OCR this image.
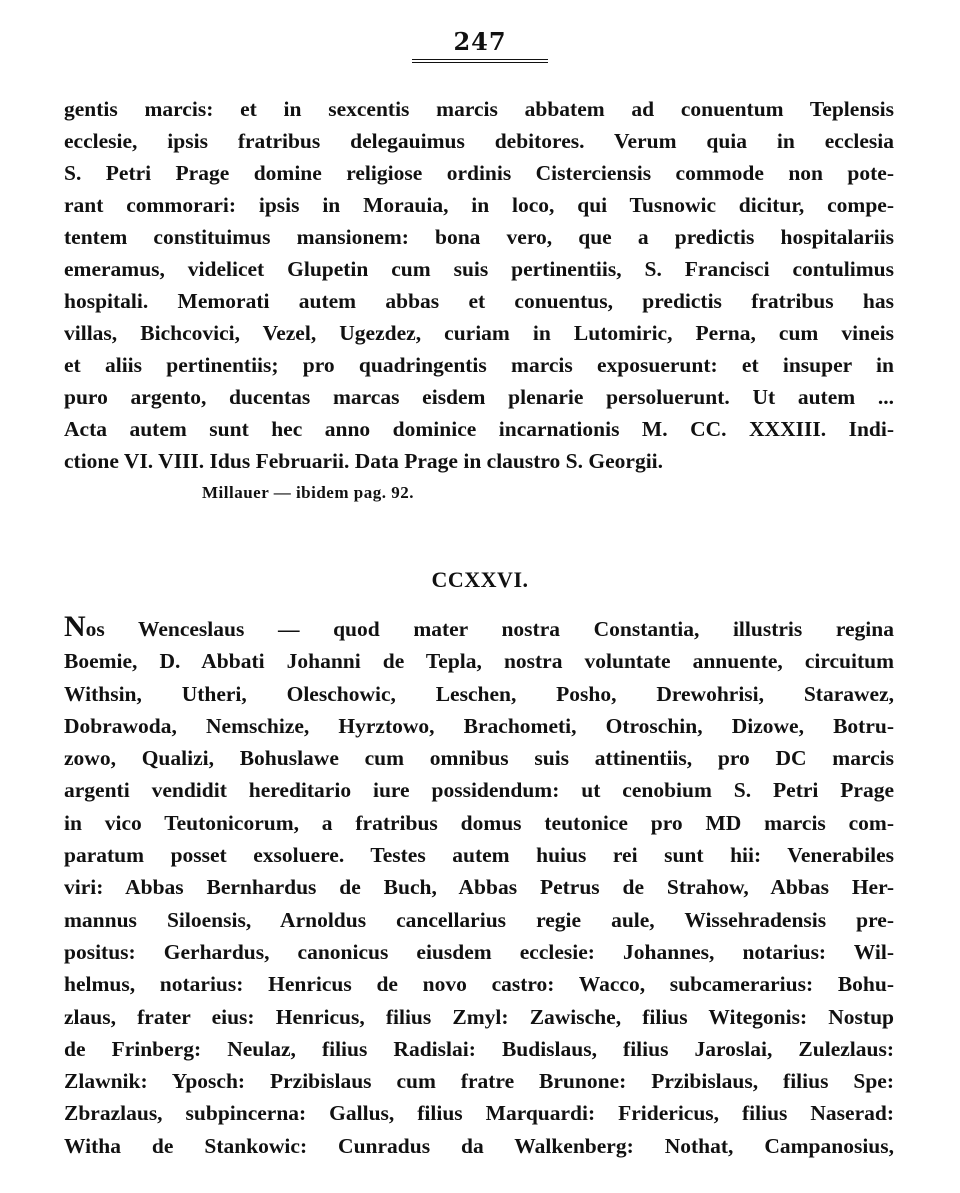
247
gentis marcis: et in sexcentis marcis abbatem ad conuentum Teplensis
ecclesie, ipsis fratribus delegauimus debitores. Verum quia in ecclesia
S. Petri Prage domine religiose ordinis Cisterciensis commode non pote-
rant commorari: ipsis in Morauia, in loco, qui Tusnowic dicitur, compe-
tentem constituimus mansionem: bona vero, que a predictis hospitalariis
emeramus, videlicet Glupetin cum suis pertinentiis, S. Francisci contulimus
hospitali. Memorati autem abbas et conuentus, predictis fratribus has
villas, Bichcovici, Vezel, Ugezdez, curiam in Lutomiric, Perna, cum vineis
et aliis pertinentiis; pro quadringentis marcis exposuerunt: et insuper in
puro argento, ducentas marcas eisdem plenarie persoluerunt. Ut autem ...
Acta autem sunt hec anno dominice incarnationis M. CC. XXXIII. Indi-
ctione VI. VIII. Idus Februarii. Data Prage in claustro S. Georgii.
Millauer — ibidem pag. 92.
CCXXVI.
Nos Wenceslaus — quod mater nostra Constantia, illustris regina
Boemie, D. Abbati Johanni de Tepla, nostra voluntate annuente, circuitum
Withsin, Utheri, Oleschowic, Leschen, Posho, Drewohrisi, Starawez,
Dobrawoda, Nemschize, Hyrztowo, Brachometi, Otroschin, Dizowe, Botru-
zowo, Qualizi, Bohuslawe cum omnibus suis attinentiis, pro DC marcis
argenti vendidit hereditario iure possidendum: ut cenobium S. Petri Prage
in vico Teutonicorum, a fratribus domus teutonice pro MD marcis com-
paratum posset exsoluere. Testes autem huius rei sunt hii: Venerabiles
viri: Abbas Bernhardus de Buch, Abbas Petrus de Strahow, Abbas Her-
mannus Siloensis, Arnoldus cancellarius regie aule, Wissehradensis pre-
positus: Gerhardus, canonicus eiusdem ecclesie: Johannes, notarius: Wil-
helmus, notarius: Henricus de novo castro: Wacco, subcamerarius: Bohu-
zlaus, frater eius: Henricus, filius Zmyl: Zawische, filius Witegonis: Nostup
de Frinberg: Neulaz, filius Radislai: Budislaus, filius Jaroslai, Zulezlaus:
Zlawnik: Yposch: Przibislaus cum fratre Brunone: Przibislaus, filius Spe:
Zbrazlaus, subpincerna: Gallus, filius Marquardi: Fridericus, filius Naserad:
Witha de Stankowic: Cunradus da Walkenberg: Nothat, Campanosius,
